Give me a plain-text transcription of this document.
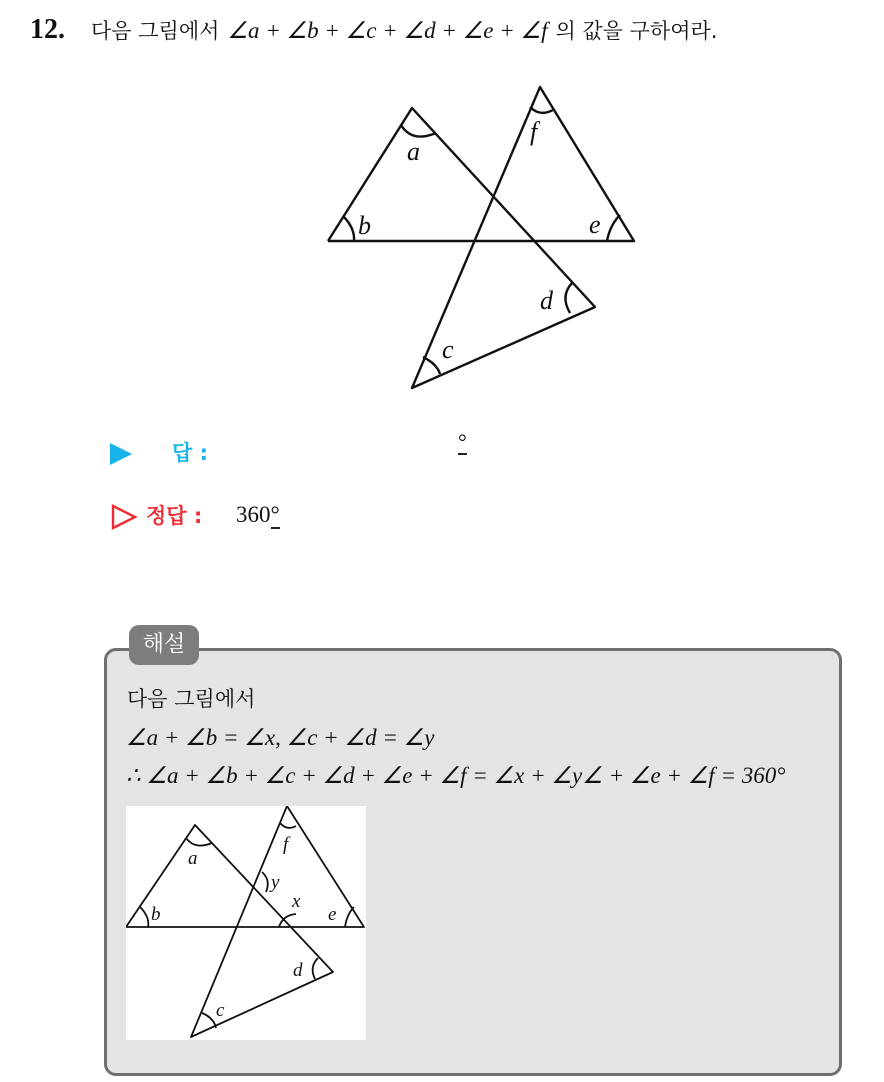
12. 다음 그림에서 ∠a + ∠b + ∠c + ∠d + ∠e + ∠f 의 값을 구하여라.
a
b
c
d
e
f
답 :	°
정답 : 360°
해설
다음 그림에서
∠a + ∠b = ∠x, ∠c + ∠d = ∠y
∴ ∠a + ∠b + ∠c + ∠d + ∠e + ∠f = ∠x + ∠y∠ + ∠e + ∠f = 360°
a
b
c
d
e
f
x
y
